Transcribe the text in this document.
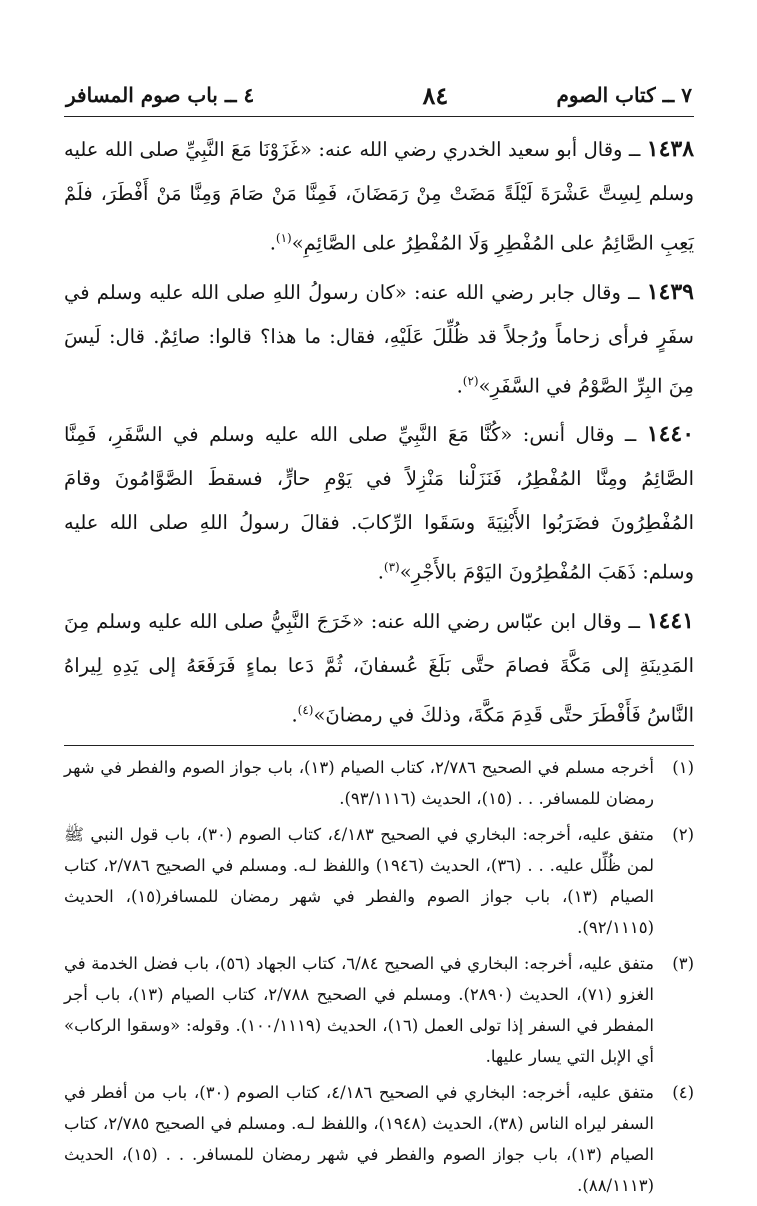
٧ ــ كتاب الصوم
٨٤
٤ ــ باب صوم المسافر

١٤٣٨ ــ وقال أبو سعيد الخدري رضي الله عنه: «غَزَوْنَا مَعَ النَّبِيِّ صلى الله عليه وسلم لِسِتَّ عَشْرَةَ لَيْلَةً مَضَتْ مِنْ رَمَضَانَ، فَمِنَّا مَنْ صَامَ وَمِنَّا مَنْ أَفْطَرَ، فلَمْ يَعِبِ الصَّائِمُ على المُفْطِرِ وَلَا المُفْطِرُ على الصَّائِمِ»$^{(١)}$.

١٤٣٩ ــ وقال جابر رضي الله عنه: «كان رسولُ اللهِ صلى الله عليه وسلم في سفَرٍ فرأى زحاماً ورُجلاً قد ظُلِّلَ عَلَيْهِ، فقال: ما هذا؟ قالوا: صائِمٌ. قال: لَيسَ مِنَ البِرِّ الصَّوْمُ في السَّفَرِ»$^{(٢)}$.

١٤٤٠ ــ وقال أنس: «كُنَّا مَعَ النَّبِيِّ صلى الله عليه وسلم في السَّفَرِ، فَمِنَّا الصَّائِمُ ومِنَّا المُفْطِرُ، فَنَزَلْنا مَنْزِلاً في يَوْمِ حارٍّ، فسقطَ الصَّوَّامُونَ وقامَ المُفْطِرُونَ فضَرَبُوا الأَبْنِيَةَ وسَقَوا الرِّكابَ. فقالَ رسولُ اللهِ صلى الله عليه وسلم: ذَهَبَ المُفْطِرُونَ اليَوْمَ بالأَجْرِ»$^{(٣)}$.

١٤٤١ ــ وقال ابن عبّاس رضي الله عنه: «خَرَجَ النَّبِيُّ صلى الله عليه وسلم مِنَ المَدِينَةِ إلى مَكَّةَ فصامَ حتَّى بَلَغَ عُسفانَ، ثُمَّ دَعا بماءٍ فَرَفَعَهُ إلى يَدِهِ لِيراهُ النَّاسُ فَأَفْطَرَ حتَّى قَدِمَ مَكَّةَ، وذلكَ في رمضانَ»$^{(٤)}$.

(١)
أخرجه مسلم في الصحيح ٢/٧٨٦، كتاب الصيام (١٣)، باب جواز الصوم والفطر في شهر رمضان للمسافر. . . (١٥)، الحديث (٩٣/١١١٦).
(٢)
متفق عليه، أخرجه: البخاري في الصحيح ٤/١٨٣، كتاب الصوم (٣٠)، باب قول النبي ﷺ لمن ظُلِّل عليه. . . (٣٦)، الحديث (١٩٤٦) واللفظ لـه. ومسلم في الصحيح ٢/٧٨٦، كتاب الصيام (١٣)، باب جواز الصوم والفطر في شهر رمضان للمسافر(١٥)، الحديث (٩٢/١١١٥).
(٣)
متفق عليه، أخرجه: البخاري في الصحيح ٦/٨٤، كتاب الجهاد (٥٦)، باب فضل الخدمة في الغزو (٧١)، الحديث (٢٨٩٠). ومسلم في الصحيح ٢/٧٨٨، كتاب الصيام (١٣)، باب أجر المفطر في السفر إذا تولى العمل (١٦)، الحديث (١٠٠/١١١٩). وقوله: «وسقوا الركاب» أي الإبل التي يسار عليها.
(٤)
متفق عليه، أخرجه: البخاري في الصحيح ٤/١٨٦، كتاب الصوم (٣٠)، باب من أفطر في السفر ليراه الناس (٣٨)، الحديث (١٩٤٨)، واللفظ لـه. ومسلم في الصحيح ٢/٧٨٥، كتاب الصيام (١٣)، باب جواز الصوم والفطر في شهر رمضان للمسافر. . . (١٥)، الحديث (٨٨/١١١٣).
